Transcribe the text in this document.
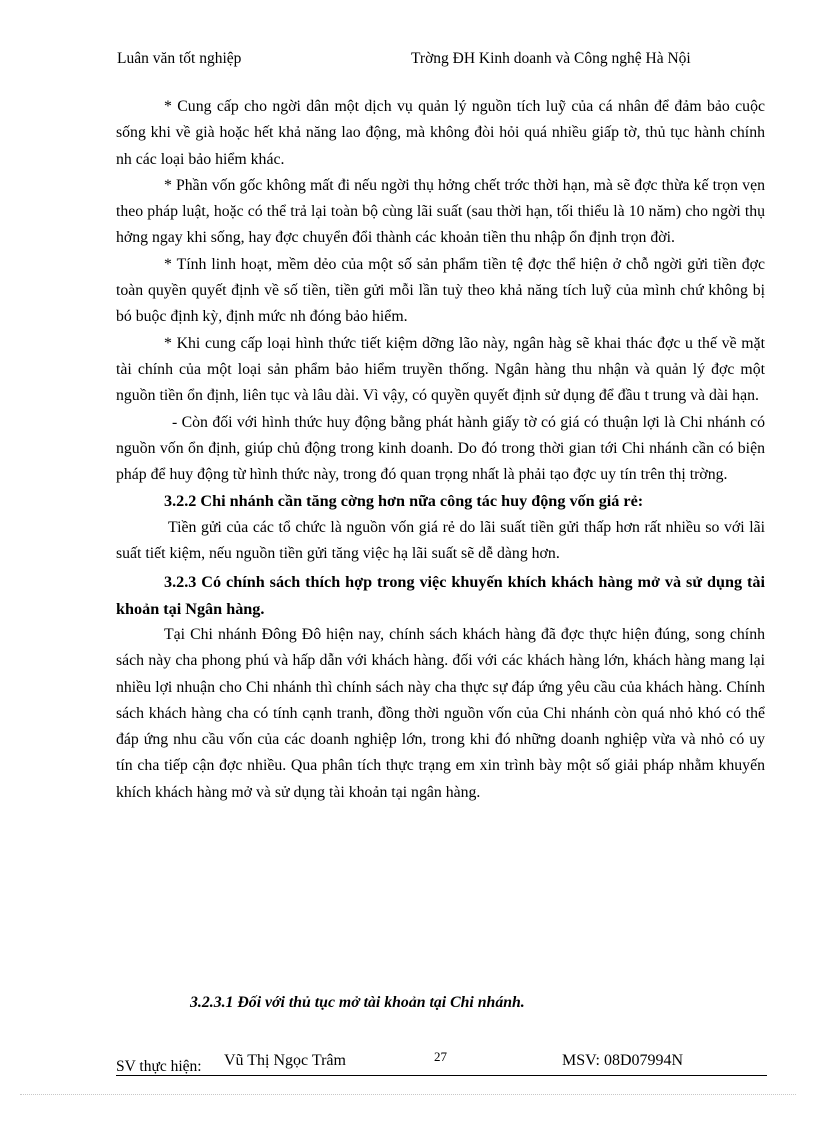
Luân văn tốt nghiệp	Trờng ĐH Kinh doanh và Công nghệ Hà Nội

* Cung cấp cho ngời dân một dịch vụ quản lý nguồn tích luỹ của cá nhân để đảm bảo cuộc sống khi về già hoặc hết khả năng lao động, mà không đòi hỏi quá nhiều giấp tờ, thủ tục hành chính nh các loại bảo hiểm khác.

* Phần vốn gốc không mất đi nếu ngời thụ hởng chết trớc thời hạn, mà sẽ đợc thừa kế trọn vẹn theo pháp luật, hoặc có thể trả lại toàn bộ cùng lãi suất (sau thời hạn, tối thiểu là 10 năm) cho ngời thụ hởng ngay khi sống, hay đợc chuyển đổi thành các khoản tiền thu nhập ổn định trọn đời.

* Tính linh hoạt, mềm dẻo của một số sản phẩm tiền tệ đợc thể hiện ở chỗ ngời gửi tiền đợc toàn quyền quyết định về số tiền, tiền gửi mỗi lần tuỳ theo khả năng tích luỹ của mình chứ không bị bó buộc định kỳ, định mức nh đóng bảo hiểm.

* Khi cung cấp loại hình thức tiết kiệm dỡng lão này, ngân hàg sẽ khai thác đợc u thế về mặt tài chính của một loại sản phẩm bảo hiểm truyền thống. Ngân hàng thu nhận và quản lý đợc một nguồn tiền ổn định, liên tục và lâu dài. Vì vậy, có quyền quyết định sử dụng để đầu t trung và dài hạn.

- Còn đối với hình thức huy động bằng phát hành giấy tờ có giá có thuận lợi là Chi nhánh có nguồn vốn ổn định, giúp chủ động trong kinh doanh. Do đó trong thời gian tới Chi nhánh cần có biện pháp để huy động từ hình thức này, trong đó quan trọng nhất là phải tạo đợc uy tín trên thị trờng.

3.2.2 Chi nhánh cần tăng cờng hơn nữa công tác huy động vốn giá rẻ:

Tiền gửi của các tổ chức là nguồn vốn giá rẻ do lãi suất tiền gửi thấp hơn rất nhiều so với lãi suất tiết kiệm, nếu nguồn tiền gửi tăng việc hạ lãi suất sẽ dễ dàng hơn.

3.2.3 Có chính sách thích hợp trong việc khuyến khích khách hàng mở và sử dụng tài khoản tại Ngân hàng.

Tại Chi nhánh Đông Đô hiện nay, chính sách khách hàng đã đợc thực hiện đúng, song chính sách này cha phong phú và hấp dẫn với khách hàng. đối với các khách hàng lớn, khách hàng mang lại nhiều lợi nhuận cho Chi nhánh thì chính sách này cha thực sự đáp ứng yêu cầu của khách hàng. Chính sách khách hàng cha có tính cạnh tranh, đồng thời nguồn vốn của Chi nhánh còn quá nhỏ khó có thể đáp ứng nhu cầu vốn của các doanh nghiệp lớn, trong khi đó những doanh nghiệp vừa và nhỏ có uy tín cha tiếp cận đợc nhiều. Qua phân tích thực trạng em xin trình bày một số giải pháp nhằm khuyến khích khách hàng mở và sử dụng tài khoản tại ngân hàng.

3.2.3.1 Đối với thủ tục mở tài khoản tại Chi nhánh.
SV thực hiện: Vũ Thị Ngọc Trâm	27	MSV: 08D07994N
